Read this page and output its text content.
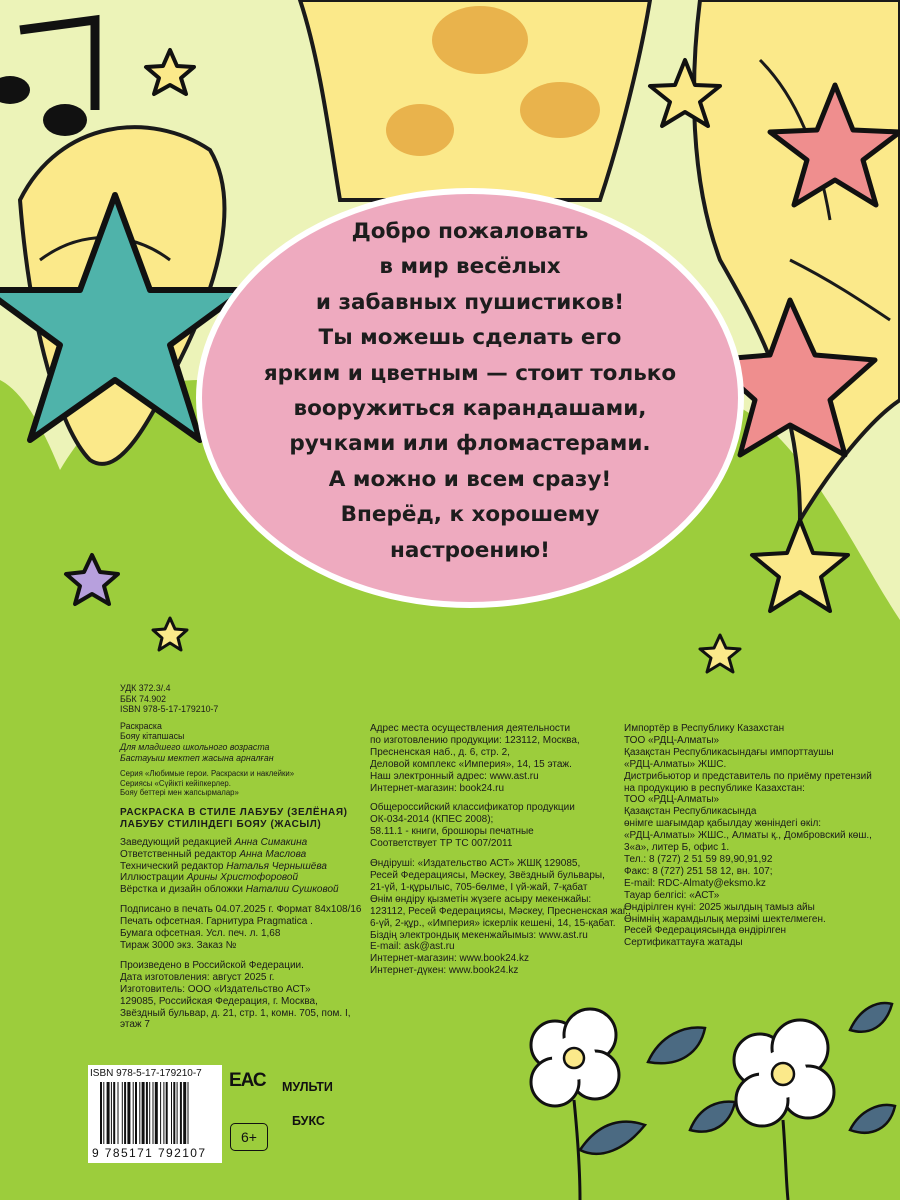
Добро пожаловать
в мир весёлых
и забавных пушистиков!
Ты можешь сделать его
ярким и цветным — стоит только
вооружиться карандашами,
ручками или фломастерами.
А можно и всем сразу!
Вперёд, к хорошему
настроению!
УДК 372.3/.4
ББК 74.902
ISBN 978-5-17-179210-7
Раскраска
Бояу кітапшасы
Для младшего школьного возраста
Бастауыш мектеп жасына арналған
Серия «Любимые герои. Раскраски и наклейки»
Сериясы «Сүйікті кейіпкерлер.
Бояу беттері мен жапсырмалар»
РАСКРАСКА В СТИЛЕ ЛАБУБУ (ЗЕЛЁНАЯ)
ЛАБУБУ СТИЛІНДЕГІ БОЯУ (ЖАСЫЛ)
Заведующий редакцией Анна Симакина
Ответственный редактор Анна Маслова
Технический редактор Наталья Чернышёва
Иллюстрации Арины Христофоровой
Вёрстка и дизайн обложки Наталии Сушковой
Подписано в печать 04.07.2025 г. Формат 84x108/16
Печать офсетная. Гарнитура Pragmatica .
Бумага офсетная. Усл. печ. л. 1,68
Тираж 3000 экз. Заказ №
Произведено в Российской Федерации.
Дата изготовления: август 2025 г.
Изготовитель: ООО «Издательство АСТ»
129085, Российская Федерация, г. Москва,
Звёздный бульвар, д. 21, стр. 1, комн. 705, пом. I,
этаж 7
Адрес места осуществления деятельности
по изготовлению продукции: 123112, Москва,
Пресненская наб., д. 6, стр. 2,
Деловой комплекс «Империя», 14, 15 этаж.
Наш электронный адрес: www.ast.ru
Интернет-магазин: book24.ru
Общероссийский классификатор продукции
ОК-034-2014 (КПЕС 2008);
58.11.1 - книги, брошюры печатные
Соответствует ТР ТС 007/2011
Өндіруші: «Издательство АСТ» ЖШҚ 129085,
Ресей Федерациясы, Мәскеу, Звёздный бульвары,
21-үй, 1-құрылыс, 705-бөлме, I үй-жай, 7-қабат
Өнім өндіру қызметін жүзеге асыру мекенжайы:
123112, Ресей Федерациясы, Мәскеу, Пресненская жаг.,
6-үй, 2-құр., «Империя» іскерлік кешені, 14, 15-қабат.
Біздің электрондық мекенжайымыз: www.ast.ru
E-mail: ask@ast.ru
Интернет-магазин: www.book24.kz
Интернет-дүкен: www.book24.kz
Импортёр в Республику Казахстан
ТОО «РДЦ-Алматы»
Қазақстан Республикасындағы импорттаушы
«РДЦ-Алматы» ЖШС.
Дистрибьютор и представитель по приёму претензий
на продукцию в республике Казахстан:
ТОО «РДЦ-Алматы»
Қазақстан Республикасында
өнімге шағымдар қабылдау жөніндегі өкіл:
«РДЦ-Алматы» ЖШС., Алматы қ., Домбровский көш.,
3«а», литер Б, офис 1.
Тел.: 8 (727) 2 51 59 89,90,91,92
Факс: 8 (727) 251 58 12, вн. 107;
E-mail: RDC-Almaty@eksmo.kz
Тауар белгісі: «АСТ»
Өндірілген күні: 2025 жылдың тамыз айы
Өнімнің жарамдылық мерзімі шектелмеген.
Ресей Федерациясында өндірілген
Сертификаттауға жатады
ISBN 978-5-17-179210-7
9 785171 792107
ЕАС
6+
МУЛЬТИ
БУКС
